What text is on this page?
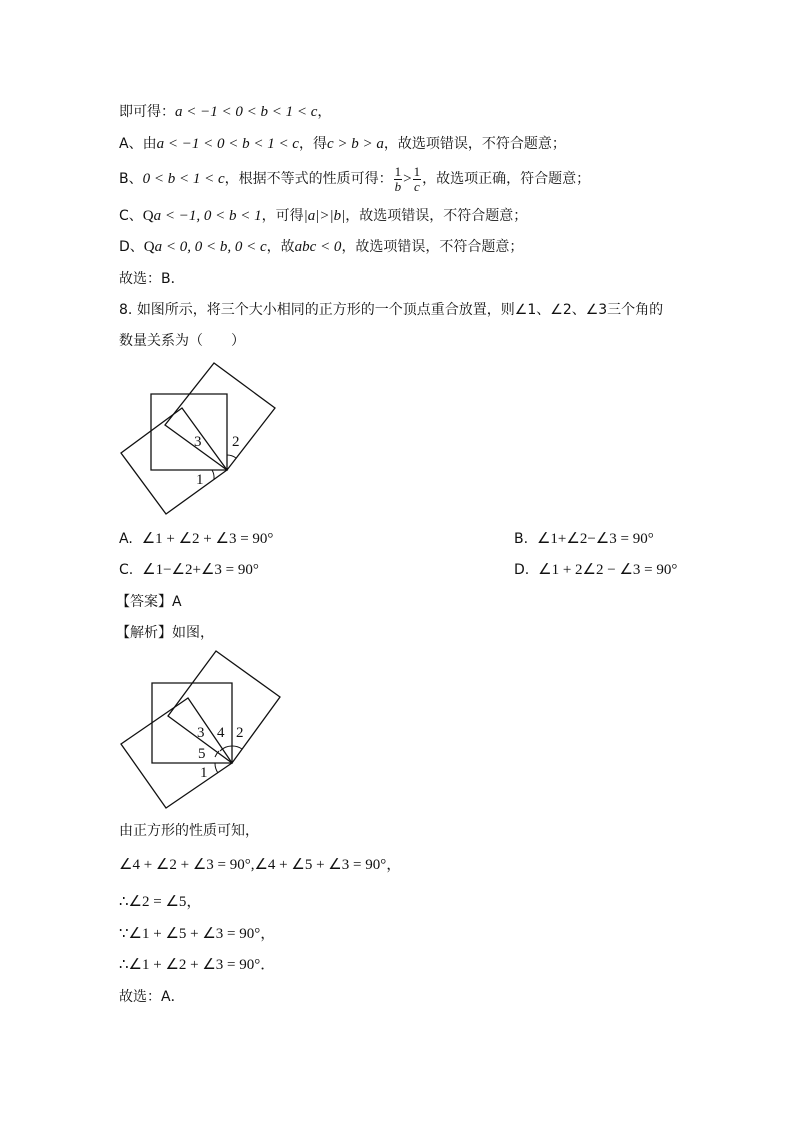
即可得：a < −1 < 0 < b < 1 < c，
A、由a < −1 < 0 < b < 1 < c，得c > b > a，故选项错误，不符合题意；
B、0 < b < 1 < c，根据不等式的性质可得： $\frac{1}{b} > \frac{1}{c}$ ，故选项正确，符合题意；
C、Qa < −1, 0 < b < 1，可得|a|>|b|，故选项错误，不符合题意；
D、Qa < 0, 0 < b, 0 < c，故abc < 0，故选项错误，不符合题意；
故选：B．
8. 如图所示，将三个大小相同的正方形的一个顶点重合放置，则∠1、∠2、∠3三个角的
数量关系为（　　）
3 2
1
A. ∠1 + ∠2 + ∠3 = 90°	B. ∠1+∠2−∠3 = 90°
C. ∠1−∠2+∠3 = 90°	D. ∠1 + 2∠2 − ∠3 = 90°
【答案】A
【解析】如图，
3 4 2
5
1
由正方形的性质可知，
∠4 + ∠2 + ∠3 = 90°,∠4 + ∠5 + ∠3 = 90°，
∴∠2 = ∠5，
∵∠1 + ∠5 + ∠3 = 90°，
∴∠1 + ∠2 + ∠3 = 90°．
故选：A．
